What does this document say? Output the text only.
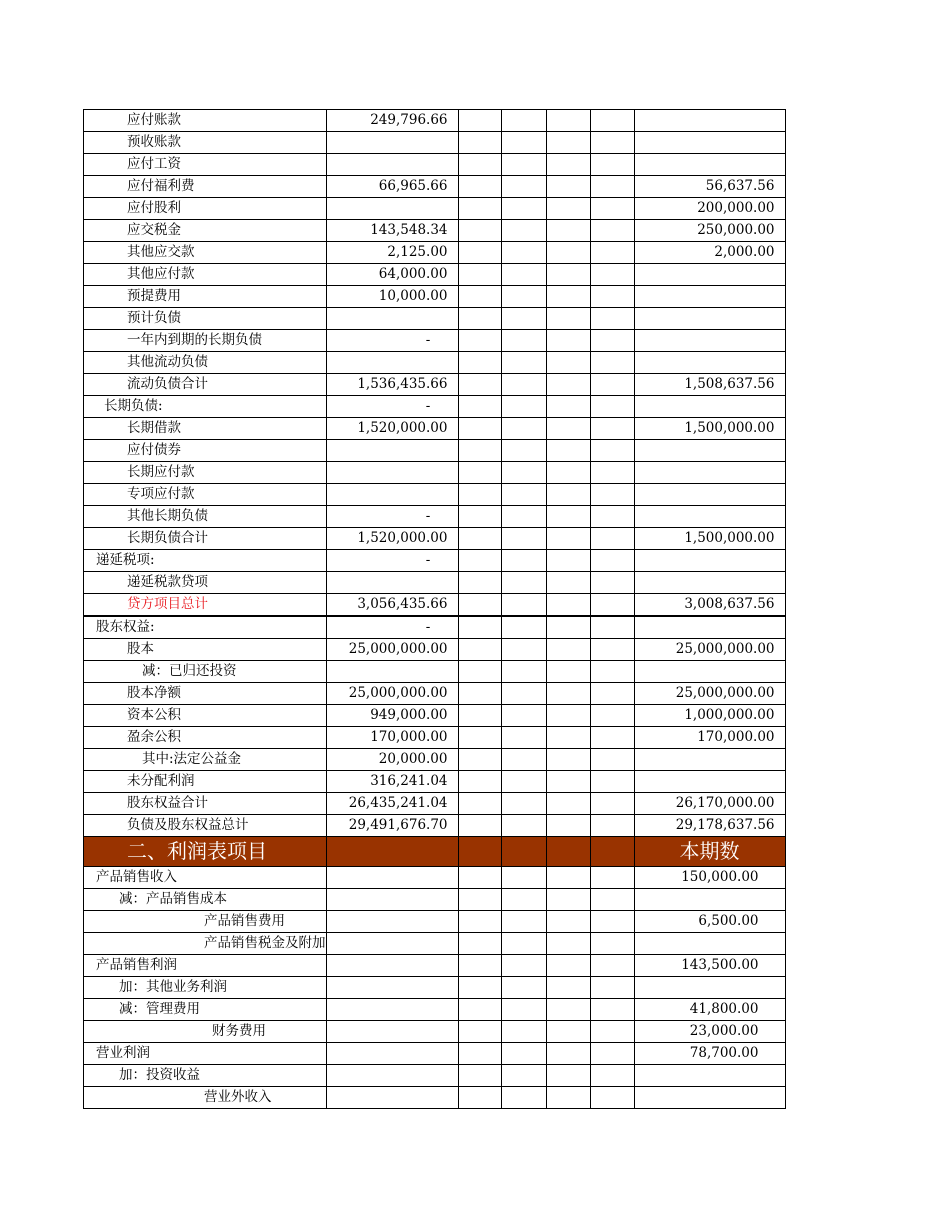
应付账款	249,796.66					
预收账款						
应付工资						
应付福利费	66,965.66					56,637.56
应付股利						200,000.00
应交税金	143,548.34					250,000.00
其他应交款	2,125.00					2,000.00
其他应付款	64,000.00					
预提费用	10,000.00					
预计负债						
一年内到期的长期负债	-					
其他流动负债						
流动负债合计	1,536,435.66					1,508,637.56
长期负债:	-					
长期借款	1,520,000.00					1,500,000.00
应付债券						
长期应付款						
专项应付款						
其他长期负债	-					
长期负债合计	1,520,000.00					1,500,000.00
递延税项:	-					
递延税款贷项						
贷方项目总计	3,056,435.66					3,008,637.56
股东权益:	-					
股本	25,000,000.00					25,000,000.00
减：已归还投资						
股本净额	25,000,000.00					25,000,000.00
资本公积	949,000.00					1,000,000.00
盈余公积	170,000.00					170,000.00
其中:法定公益金	20,000.00					
未分配利润	316,241.04					
股东权益合计	26,435,241.04					26,170,000.00
负债及股东权益总计	29,491,676.70					29,178,637.56
二、利润表项目						本期数
产品销售收入						150,000.00
减：产品销售成本						
产品销售费用						6,500.00
产品销售税金及附加						
产品销售利润						143,500.00
加：其他业务利润						
减：管理费用						41,800.00
财务费用						23,000.00
营业利润						78,700.00
加：投资收益						
营业外收入						
